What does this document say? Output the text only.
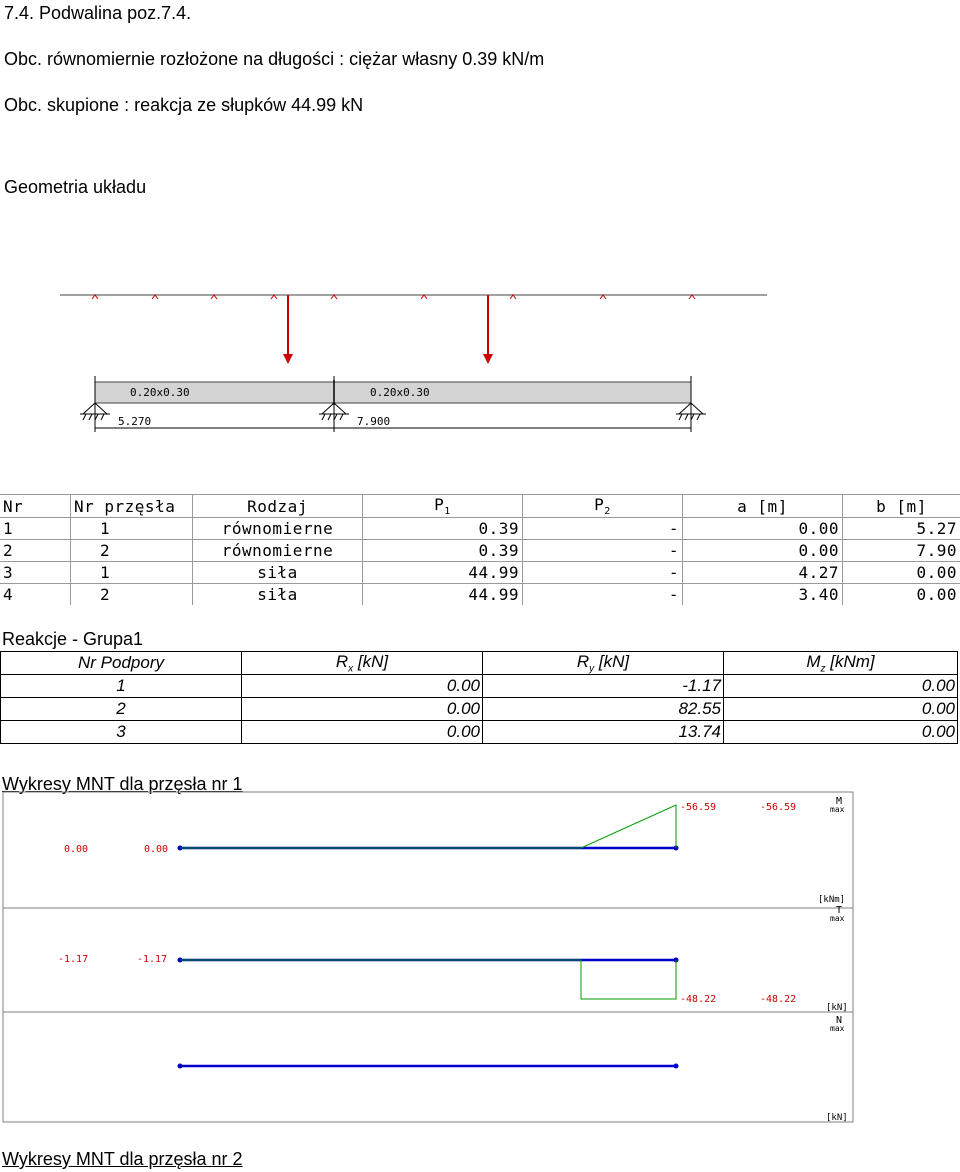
7.4. Podwalina poz.7.4.
Obc. równomiernie rozłożone na długości : ciężar własny 0.39 kN/m
Obc. skupione : reakcja ze słupków 44.99 kN
Geometria układu
0.20x0.30	0.20x0.30
5.270	7.900
Nr	Nr przęsła	Rodzaj	$P_1$	$P_2$	a [m]	b [m]
1	1	równomierne	0.39	-	0.00	5.27
2	2	równomierne	0.39	-	0.00	7.90
3	1	siła	44.99	-	4.27	0.00
4	2	siła	44.99	-	3.40	0.00
Reakcje - Grupa1
Nr Podpory	$R_x$ [kN]	$R_y$ [kN]	$M_z$ [kNm]
1	0.00	-1.17	0.00
2	0.00	82.55	0.00
3	0.00	13.74	0.00
Wykresy MNT dla przęsła nr 1
0.00	0.00
-56.59	-56.59
M
max
[kNm]
-1.17	-1.17
-48.22	-48.22
T
max
[kN]
N
max
[kN]
Wykresy MNT dla przęsła nr 2
